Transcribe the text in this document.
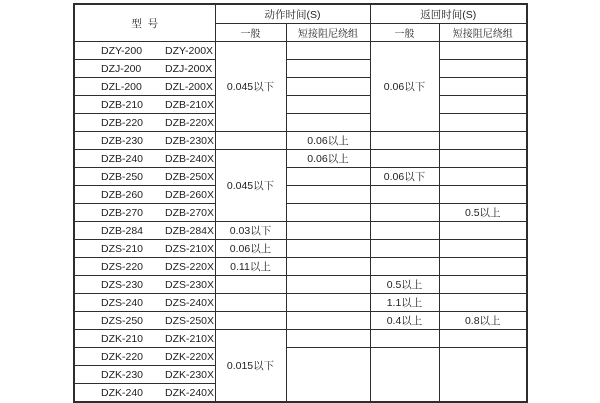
型  号	动作时间(S)		返回时间(S)	
	一般	短接阻尼绕组	一般	短接阻尼绕组

DZY-200 DZY-200X	0.045以下		0.06以下	

DZJ-200 DZJ-200X				

DZL-200 DZL-200X				

DZB-210 DZB-210X				

DZB-220 DZB-220X				

DZB-230 DZB-230X		0.06以上		

DZB-240 DZB-240X	0.045以下	0.06以上		

DZB-250 DZB-250X			0.06以下	

DZB-260 DZB-260X				

DZB-270 DZB-270X				0.5以上

DZB-284 DZB-284X	0.03以下			

DZS-210 DZS-210X	0.06以上			

DZS-220 DZS-220X	0.11以上			

DZS-230 DZS-230X			0.5以上	

DZS-240 DZS-240X			1.1以上	

DZS-250 DZS-250X			0.4以上	0.8以上

DZK-210 DZK-210X	0.015以下			

DZK-220 DZK-220X				

DZK-230 DZK-230X				

DZK-240 DZK-240X				
